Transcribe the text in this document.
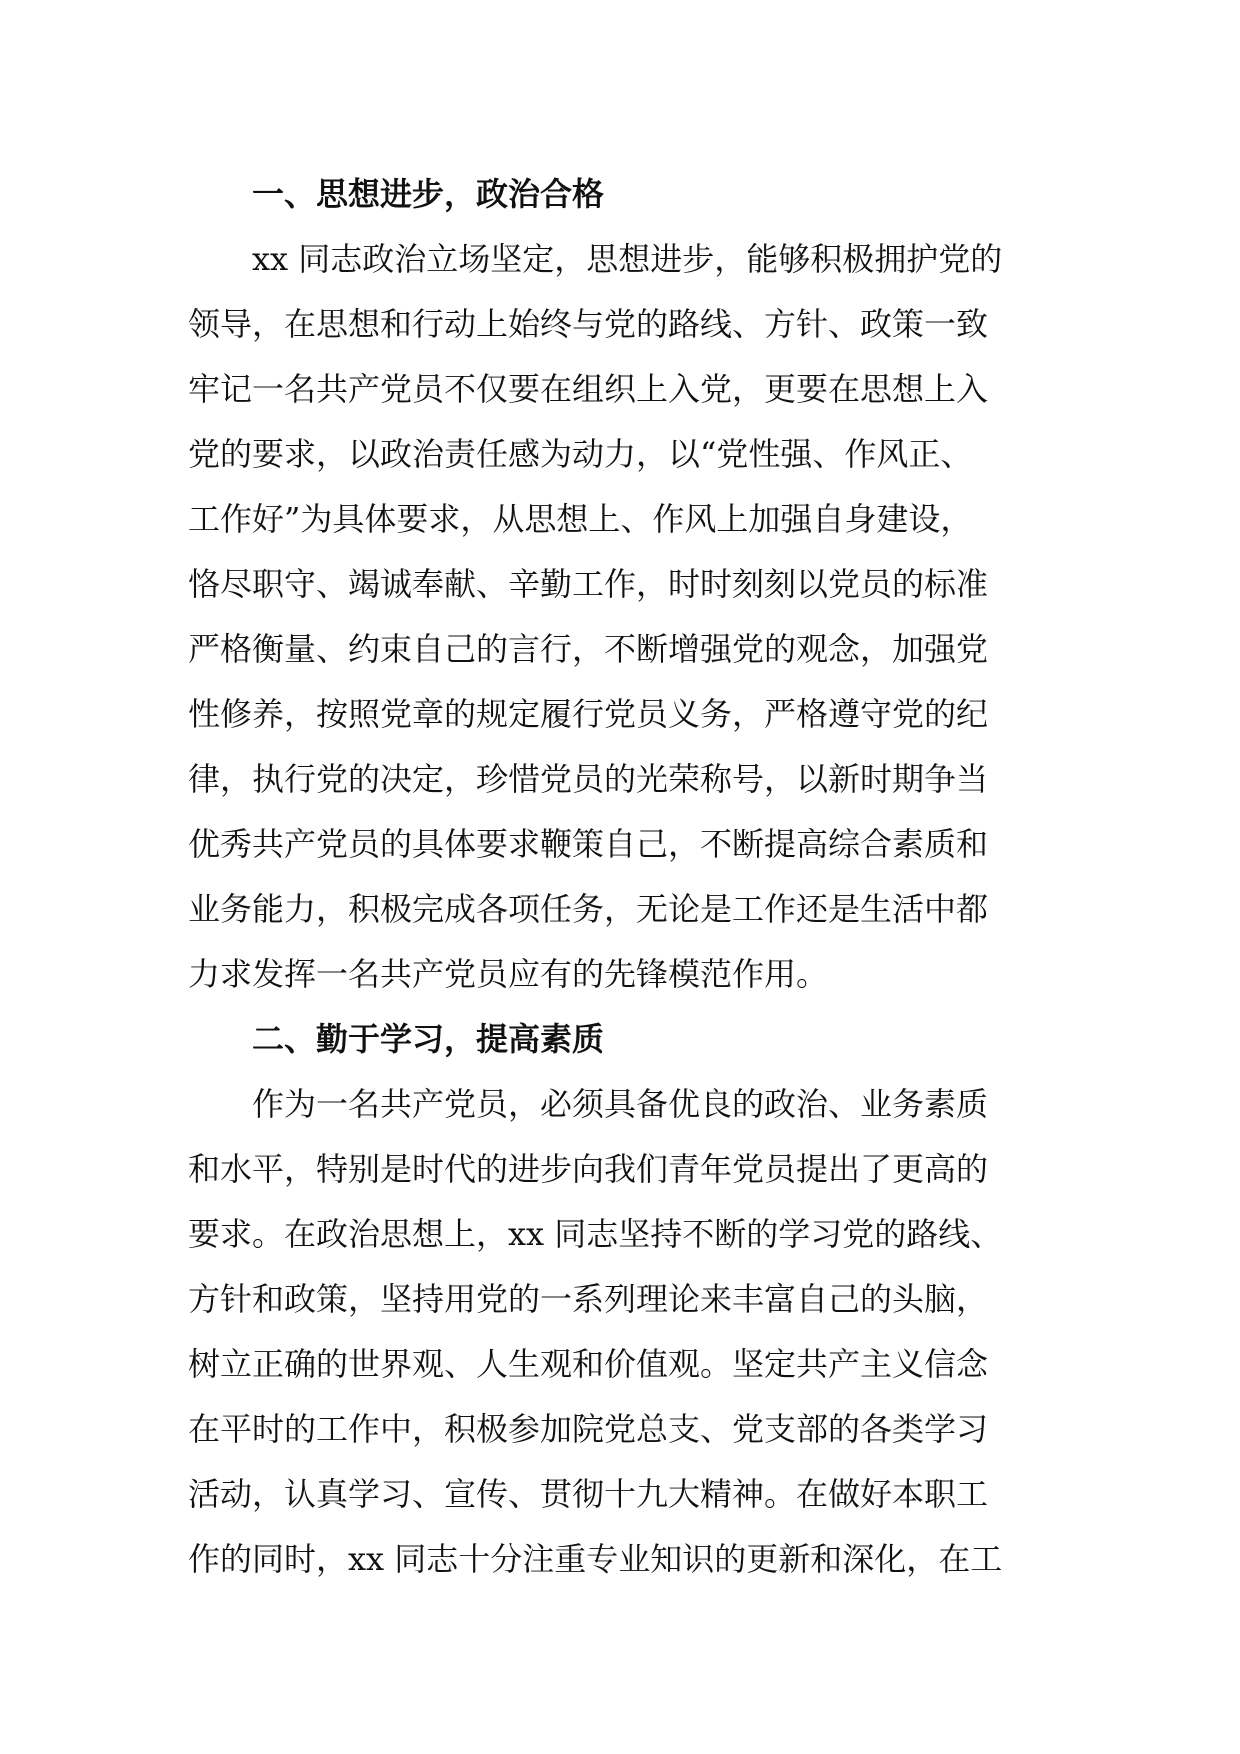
一、思想进步，政治合格
xx 同志政治立场坚定，思想进步，能够积极拥护党的
领导，在思想和行动上始终与党的路线、方针、政策一致
牢记一名共产党员不仅要在组织上入党，更要在思想上入
党的要求，以政治责任感为动力，以“党性强、作风正、
工作好”为具体要求，从思想上、作风上加强自身建设，
恪尽职守、竭诚奉献、辛勤工作，时时刻刻以党员的标准
严格衡量、约束自己的言行，不断增强党的观念，加强党
性修养，按照党章的规定履行党员义务，严格遵守党的纪
律，执行党的决定，珍惜党员的光荣称号，以新时期争当
优秀共产党员的具体要求鞭策自己，不断提高综合素质和
业务能力，积极完成各项任务，无论是工作还是生活中都
力求发挥一名共产党员应有的先锋模范作用。
二、勤于学习，提高素质
作为一名共产党员，必须具备优良的政治、业务素质
和水平，特别是时代的进步向我们青年党员提出了更高的
要求。在政治思想上，xx 同志坚持不断的学习党的路线、
方针和政策，坚持用党的一系列理论来丰富自己的头脑，
树立正确的世界观、人生观和价值观。坚定共产主义信念
在平时的工作中，积极参加院党总支、党支部的各类学习
活动，认真学习、宣传、贯彻十九大精神。在做好本职工
作的同时，xx 同志十分注重专业知识的更新和深化，在工
